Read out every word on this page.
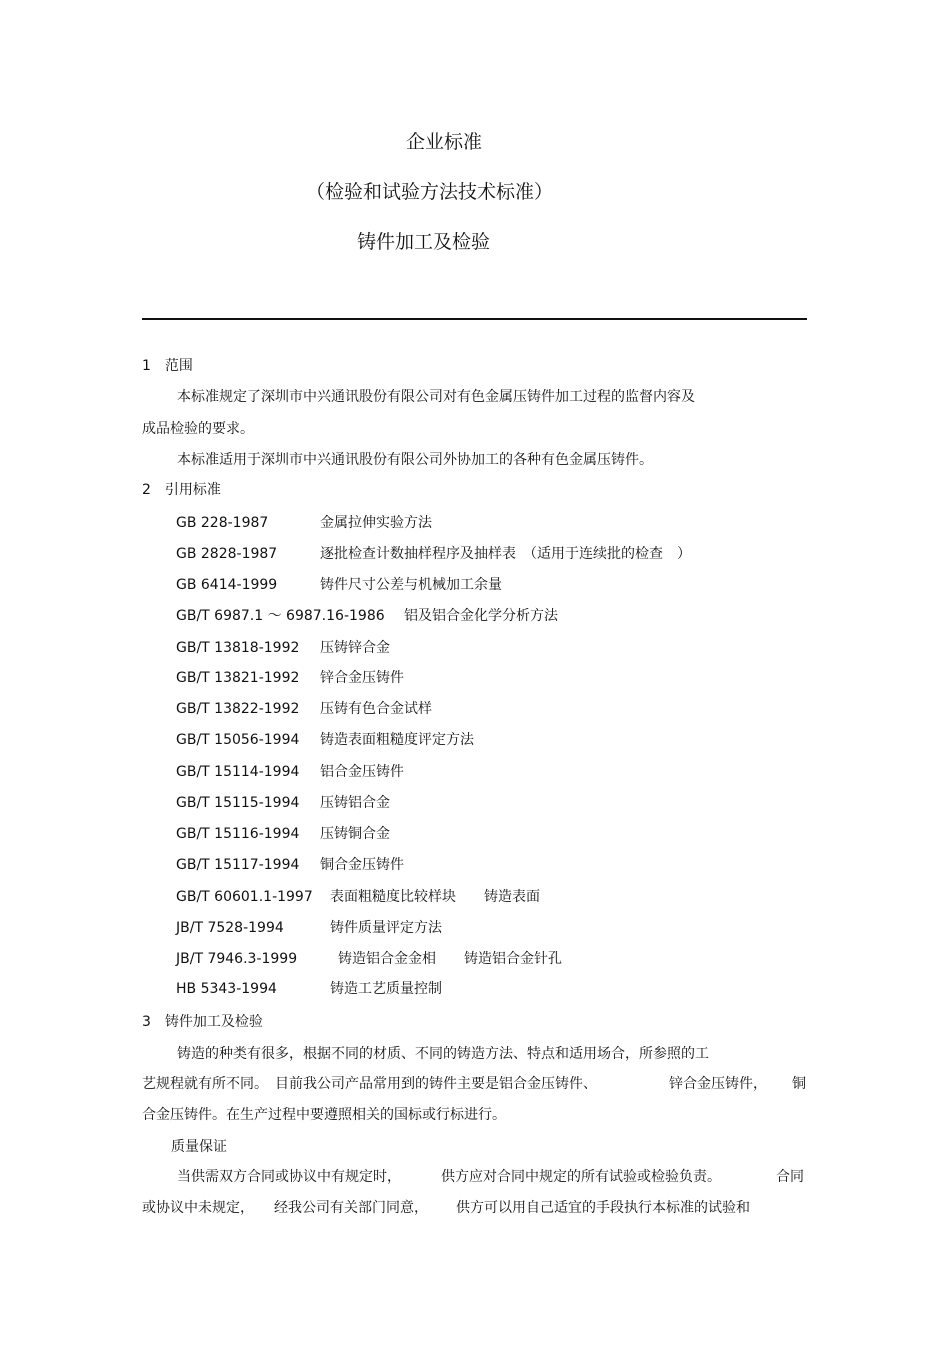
企业标准
（检验和试验方法技术标准）
铸件加工及检验
1　范围
本标准规定了深圳市中兴通讯股份有限公司对有色金属压铸件加工过程的监督内容及
成品检验的要求。
本标准适用于深圳市中兴通讯股份有限公司外协加工的各种有色金属压铸件。
2　引用标准
GB 228-1987	金属拉伸实验方法
GB 2828-1987	逐批检查计数抽样程序及抽样表　（适用于连续批的检查　）
GB 6414-1999	铸件尺寸公差与机械加工余量
GB/T 6987.1 ～ 6987.16-1986 铝及铝合金化学分析方法
GB/T 13818-1992 压铸锌合金
GB/T 13821-1992 锌合金压铸件
GB/T 13822-1992 压铸有色合金试样
GB/T 15056-1994 铸造表面粗糙度评定方法
GB/T 15114-1994 铝合金压铸件
GB/T 15115-1994 压铸铝合金
GB/T 15116-1994 压铸铜合金
GB/T 15117-1994 铜合金压铸件
GB/T 60601.1-1997 表面粗糙度比较样块　　铸造表面
JB/T 7528-1994	铸件质量评定方法
JB/T 7946.3-1999	铸造铝合金金相　　铸造铝合金针孔
HB 5343-1994	铸造工艺质量控制
3　铸件加工及检验
铸造的种类有很多，根据不同的材质、不同的铸造方法、特点和适用场合，所参照的工
艺规程就有所不同。　目前我公司产品常用到的铸件主要是铝合金压铸件、	锌合金压铸件， 铜
合金压铸件。在生产过程中要遵照相关的国标或行标进行。
质量保证
当供需双方合同或协议中有规定时，	供方应对合同中规定的所有试验或检验负责。	合同
或协议中未规定， 经我公司有关部门同意， 供方可以用自己适宜的手段执行本标准的试验和
